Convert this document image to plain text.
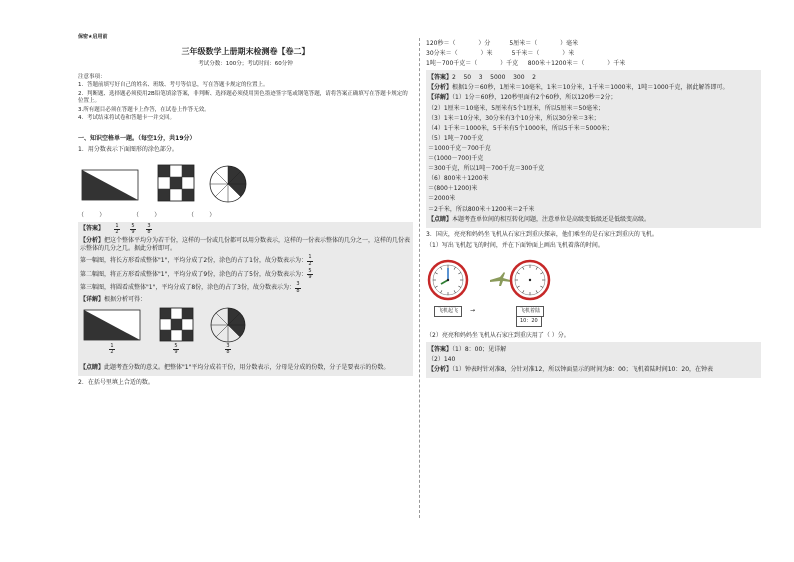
保密★启用前
三年级数学上册期末检测卷【卷二】
考试分数：100分；考试时间：60分钟
注意事项：
1．答题前填写好自己的姓名、班级、考号等信息，写在答题卡规定的位置上。
2．判断题、选择题必须使用2B铅笔填涂答案，非判断、选择题必须使用黑色墨迹签字笔或钢笔答题，请将答案正确填写在答题卡规定的位置上。
3.所有题目必须在答题卡上作答，在试卷上作答无效。
4．考试结束将试卷和答题卡一并交回。
一、知识空格单一题。（每空1分，共19分）
1．用分数表示下面图形的涂色部分。
（	）	（	）	（	）
【答案】 $\frac{1}{2} \frac{5}{9} \frac{3}{8}$
【分析】把这个整体平均分为若干份，这样的一份或几份都可以用分数表示，这样的一份表示整体的几分之一，这样的几份表示整体的几分之几。据此分析即可。
第一幅图，将长方形看成整体"1"，平均分成了2份，涂色的占了1份，故分数表示为： $\frac{1}{2}$
第二幅图，将正方形看成整体"1"，平均分成了9份，涂色的占了5份，故分数表示为： $\frac{5}{9}$
第三幅图，将圆看成整体"1"，平均分成了8份，涂色的占了3份，故分数表示为： $\frac{3}{8}$
【详解】根据分析可得：
$\frac{1}{2}$	$\frac{5}{9}$	$\frac{3}{8}$
【点睛】此题考查分数的意义。把整体"1"平均分成若干份，用分数表示，分母是分成的份数，分子是要表示的份数。
2．在括号里填上合适的数。
120秒＝（            ）分          5厘米＝（            ）毫米
30分米＝（            ）米          5千米＝（            ）米
1吨－700千克＝（            ）千克     800米＋1200米＝（            ）千米
【答案】2    50    3    5000    300    2
【分析】根据1分＝60秒，1厘米＝10毫米，1米＝10分米，1千米＝1000米，1吨＝1000千克，据此解答即可。
【详解】（1）1分＝60秒，120秒里面有2个60秒，所以120秒＝2分；
（2）1厘米＝10毫米，5厘米有5个1厘米，所以5厘米＝50毫米；
（3）1米＝10分米，30分米有3个10分米，所以30分米＝3米；
（4）1千米＝1000米，5千米有5个1000米，所以5千米＝5000米；
（5）1吨－700千克
＝1000千克－700千克
＝(1000－700)千克
＝300千克，所以1吨－700千克＝300千克
（6）800米＋1200米
＝(800＋1200)米
＝2000米
＝2千米，所以800米＋1200米＝2千米
【点睛】本题考查单位间的相互转化问题，注意单位是高级变低级还是低级变高级。
3．国庆，亮亮和妈妈坐飞机从石家庄到重庆探亲，他们乘坐的是石家庄到重庆的飞机。
（1）写出飞机起飞的时间，并在下面钟面上画出飞机着落的时间。
飞机起飞	→	飞机着陆
10：20
（2）亮亮和妈妈坐飞机从石家庄到重庆用了（ ）分。
【答案】（1）8：00；见详解
（2）140
【分析】（1）钟表时针对准8，分针对准12，所以钟面显示的时间为8：00；飞机着陆时间10：20，在钟表
